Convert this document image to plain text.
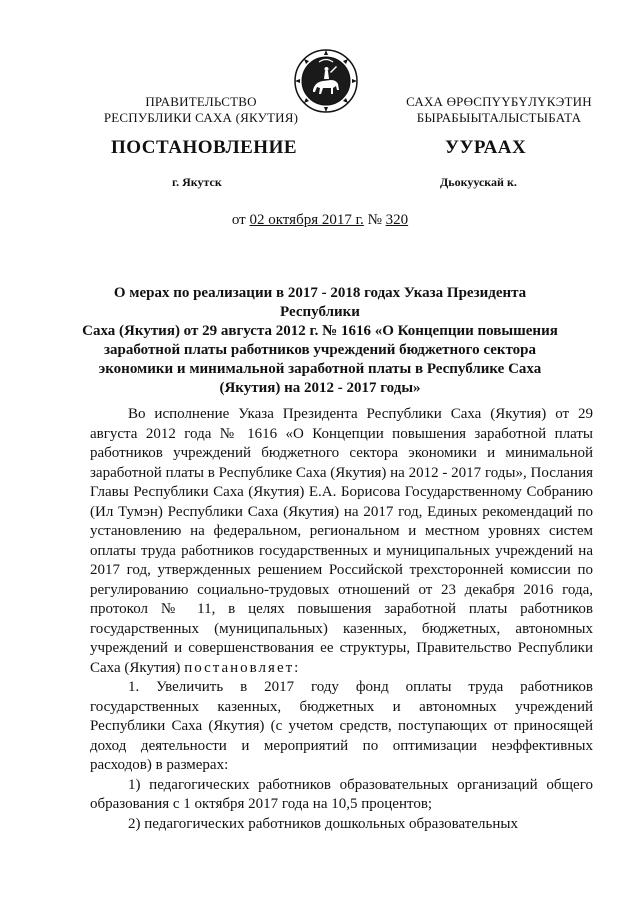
ПРАВИТЕЛЬСТВО
РЕСПУБЛИКИ САХА (ЯКУТИЯ)
САХА ӨРӨСПҮҮБҮЛҮКЭТИН
БЫРАБЫЫТАЛЫСТЫБАТА
ПОСТАНОВЛЕНИЕ	УУРААХ
г. Якутск	Дьокуускай к.
от 02 октября 2017 г. № 320
О мерах по реализации в 2017 - 2018 годах Указа Президента Республики
Саха (Якутия) от 29 августа 2012 г. № 1616 «О Концепции повышения
заработной платы работников учреждений бюджетного сектора
экономики и минимальной заработной платы в Республике Саха
(Якутия) на 2012 - 2017 годы»

Во исполнение Указа Президента Республики Саха (Якутия) от 29 августа 2012 года № 1616 «О Концепции повышения заработной платы работников учреждений бюджетного сектора экономики и минимальной заработной платы в Республике Саха (Якутия) на 2012 - 2017 годы», Послания Главы Республики Саха (Якутия) Е.А. Борисова Государственному Собранию (Ил Тумэн) Республики Саха (Якутия) на 2017 год, Единых рекомендаций по установлению на федеральном, региональном и местном уровнях систем оплаты труда работников государственных и муниципальных учреждений на 2017 год, утвержденных решением Российской трехсторонней комиссии по регулированию социально-трудовых отношений от 23 декабря 2016 года, протокол № 11, в целях повышения заработной платы работников государственных (муниципальных) казенных, бюджетных, автономных учреждений и совершенствования ее структуры, Правительство Республики Саха (Якутия) постановляет:

1. Увеличить в 2017 году фонд оплаты труда работников государственных казенных, бюджетных и автономных учреждений Республики Саха (Якутия) (с учетом средств, поступающих от приносящей доход деятельности и мероприятий по оптимизации неэффективных расходов) в размерах:

1) педагогических работников образовательных организаций общего образования с 1 октября 2017 года на 10,5 процентов;

2) педагогических работников дошкольных образовательных
